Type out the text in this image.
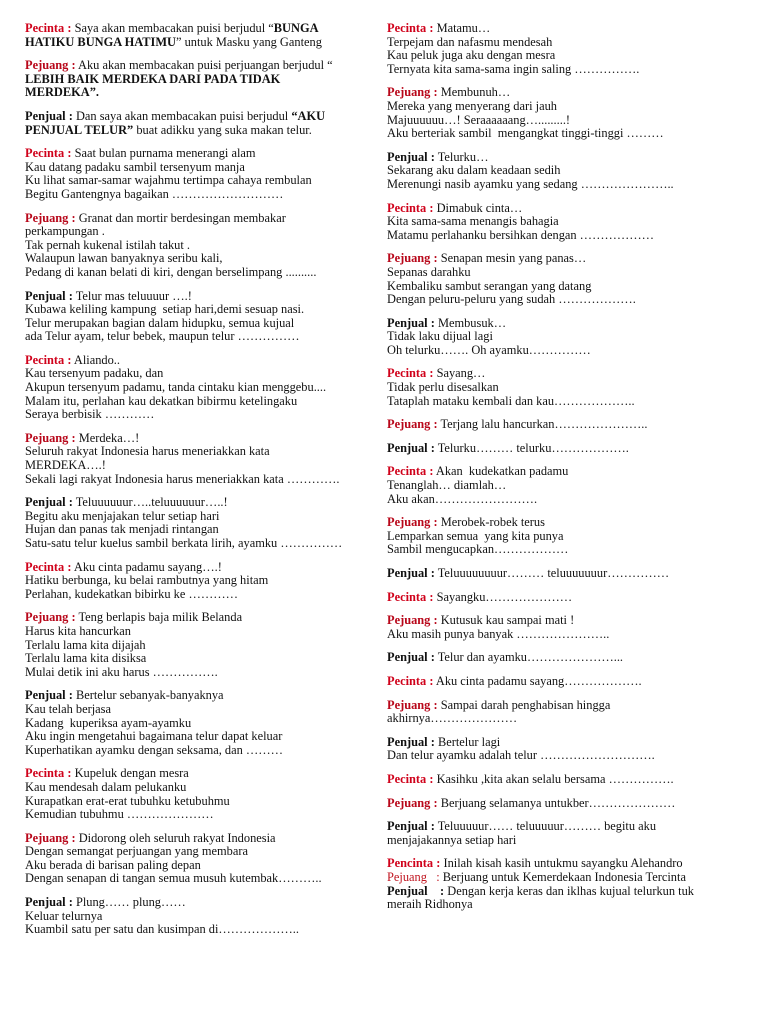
Pecinta : Saya akan membacakan puisi berjudul “BUNGA
HATIKU BUNGA HATIMU” untuk Masku yang Ganteng
Pejuang : Aku akan membacakan puisi perjuangan berjudul “
LEBIH BAIK MERDEKA DARI PADA TIDAK
MERDEKA”.
Penjual : Dan saya akan membacakan puisi berjudul “AKU
PENJUAL TELUR” buat adikku yang suka makan telur.
Pecinta : Saat bulan purnama menerangi alam
Kau datang padaku sambil tersenyum manja
Ku lihat samar-samar wajahmu tertimpa cahaya rembulan
Begitu Gantengnya bagaikan ………………………
Pejuang : Granat dan mortir berdesingan membakar
perkampungan .
Tak pernah kukenal istilah takut .
Walaupun lawan banyaknya seribu kali,
Pedang di kanan belati di kiri, dengan berselimpang ..........
Penjual : Telur mas teluuuur ….!
Kubawa keliling kampung  setiap hari,demi sesuap nasi.
Telur merupakan bagian dalam hidupku, semua kujual
ada Telur ayam, telur bebek, maupun telur ……………
Pecinta : Aliando..
Kau tersenyum padaku, dan
Akupun tersenyum padamu, tanda cintaku kian menggebu....
Malam itu, perlahan kau dekatkan bibirmu ketelingaku
Seraya berbisik …………
Pejuang : Merdeka…!
Seluruh rakyat Indonesia harus meneriakkan kata
MERDEKA….!
Sekali lagi rakyat Indonesia harus meneriakkan kata ………….
Penjual : Teluuuuuur…..teluuuuuur…..!
Begitu aku menjajakan telur setiap hari
Hujan dan panas tak menjadi rintangan
Satu-satu telur kuelus sambil berkata lirih, ayamku ……………
Pecinta : Aku cinta padamu sayang….!
Hatiku berbunga, ku belai rambutnya yang hitam
Perlahan, kudekatkan bibirku ke …………
Pejuang : Teng berlapis baja milik Belanda
Harus kita hancurkan
Terlalu lama kita dijajah
Terlalu lama kita disiksa
Mulai detik ini aku harus …………….
Penjual : Bertelur sebanyak-banyaknya
Kau telah berjasa
Kadang  kuperiksa ayam-ayamku
Aku ingin mengetahui bagaimana telur dapat keluar
Kuperhatikan ayamku dengan seksama, dan ………
Pecinta : Kupeluk dengan mesra
Kau mendesah dalam pelukanku
Kurapatkan erat-erat tubuhku ketubuhmu
Kemudian tubuhmu …………………
Pejuang : Didorong oleh seluruh rakyat Indonesia
Dengan semangat perjuangan yang membara
Aku berada di barisan paling depan
Dengan senapan di tangan semua musuh kutembak………..
Penjual : Plung…… plung……
Keluar telurnya
Kuambil satu per satu dan kusimpan di………………..
Pecinta : Matamu…
Terpejam dan nafasmu mendesah
Kau peluk juga aku dengan mesra
Ternyata kita sama-sama ingin saling …………….
Pejuang : Membunuh…
Mereka yang menyerang dari jauh
Majuuuuuu…! Seraaaaaang….........!
Aku berteriak sambil  mengangkat tinggi-tinggi ………
Penjual : Telurku…
Sekarang aku dalam keadaan sedih
Merenungi nasib ayamku yang sedang …………………..
Pecinta : Dimabuk cinta…
Kita sama-sama menangis bahagia
Matamu perlahanku bersihkan dengan ………………
Pejuang : Senapan mesin yang panas…
Sepanas darahku
Kembaliku sambut serangan yang datang
Dengan peluru-peluru yang sudah ……………….
Penjual : Membusuk…
Tidak laku dijual lagi
Oh telurku……. Oh ayamku……………
Pecinta : Sayang…
Tidak perlu disesalkan
Tataplah mataku kembali dan kau………………..
Pejuang : Terjang lalu hancurkan…………………..
Penjual : Telurku……… telurku……………….
Pecinta : Akan  kudekatkan padamu
Tenanglah… diamlah…
Aku akan…………………….
Pejuang : Merobek-robek terus
Lemparkan semua  yang kita punya
Sambil mengucapkan………………
Penjual : Teluuuuuuuur……… teluuuuuuur……………
Pecinta : Sayangku…………………
Pejuang : Kutusuk kau sampai mati !
Aku masih punya banyak …………………..
Penjual : Telur dan ayamku…………………...
Pecinta : Aku cinta padamu sayang……………….
Pejuang : Sampai darah penghabisan hingga
akhirnya…………………
Penjual : Bertelur lagi
Dan telur ayamku adalah telur ……………………….
Pecinta : Kasihku ,kita akan selalu bersama …………….
Pejuang : Berjuang selamanya untukber…………………
Penjual : Teluuuuur…… teluuuuur……… begitu aku
menjajakannya setiap hari
Pencinta : Inilah kisah kasih untukmu sayangku Alehandro
Pejuang   : Berjuang untuk Kemerdekaan Indonesia Tercinta
Penjual    : Dengan kerja keras dan iklhas kujual telurkun tuk
meraih Ridhonya
